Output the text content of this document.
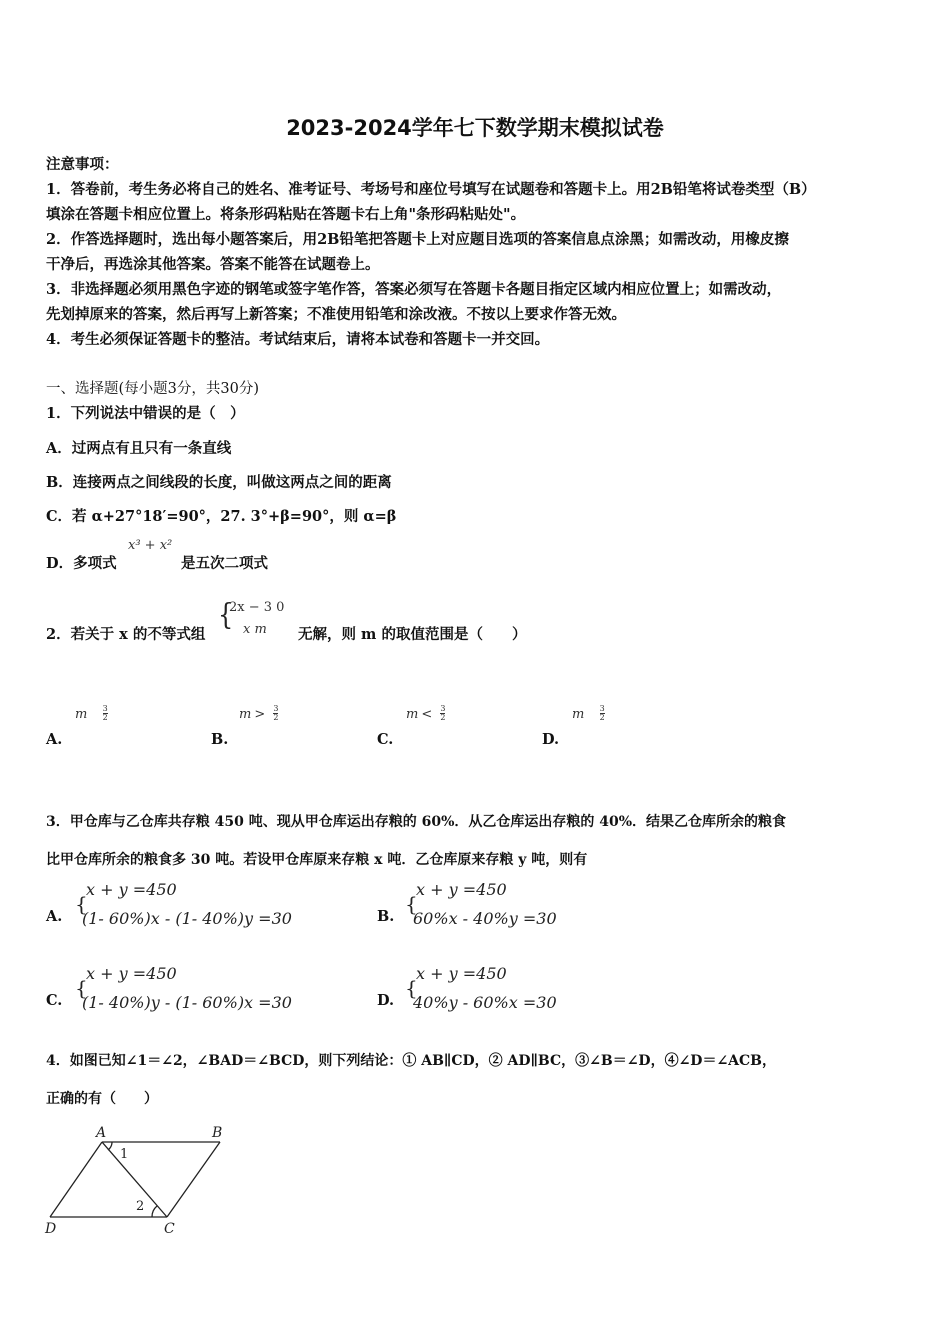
2023-2024学年七下数学期末模拟试卷
注意事项：
1．答卷前，考生务必将自己的姓名、准考证号、考场号和座位号填写在试题卷和答题卡上。用2B铅笔将试卷类型（B）
填涂在答题卡相应位置上。将条形码粘贴在答题卡右上角"条形码粘贴处"。
2．作答选择题时，选出每小题答案后，用2B铅笔把答题卡上对应题目选项的答案信息点涂黑；如需改动，用橡皮擦
干净后，再选涂其他答案。答案不能答在试题卷上。
3．非选择题必须用黑色字迹的钢笔或签字笔作答，答案必须写在答题卡各题目指定区域内相应位置上；如需改动，
先划掉原来的答案，然后再写上新答案；不准使用铅笔和涂改液。不按以上要求作答无效。
4．考生必须保证答题卡的整洁。考试结束后，请将本试卷和答题卡一并交回。
一、选择题(每小题3分，共30分)
1．下列说法中错误的是（　）
A．过两点有且只有一条直线
B．连接两点之间线段的长度，叫做这两点之间的距离
C．若 α+27°18′=90°，27. 3°+β=90°，则 α=β
D．多项式
x³ + x²
是五次二项式
2．若关于 x 的不等式组
{
2x − 3 0
x m 无解，则 m 的取值范围是（　　）
m $\frac{3}{2}$
A.
$m > \frac{3}{2}$
B.
$m < \frac{3}{2}$
C.
m $\frac{3}{2}$
D.
3．甲仓库与乙仓库共存粮 450 吨、现从甲仓库运出存粮的 60%．从乙仓库运出存粮的 40%．结果乙仓库所余的粮食
比甲仓库所余的粮食多 30 吨。若设甲仓库原来存粮 x 吨．乙仓库原来存粮 y 吨，则有
A.
{
x + y =450
(1- 60%)x - (1- 40%)y =30	B.
{
x + y =450
60%x - 40%y =30
C.
{
x + y =450
(1- 40%)y - (1- 60%)x =30	D.
{
x + y =450
40%y - 60%x =30
4．如图已知∠1＝∠2，∠BAD＝∠BCD，则下列结论：① AB∥CD，② AD∥BC，③∠B＝∠D，④∠D＝∠ACB，
正确的有（　　）
A	B
C
D
1
2
